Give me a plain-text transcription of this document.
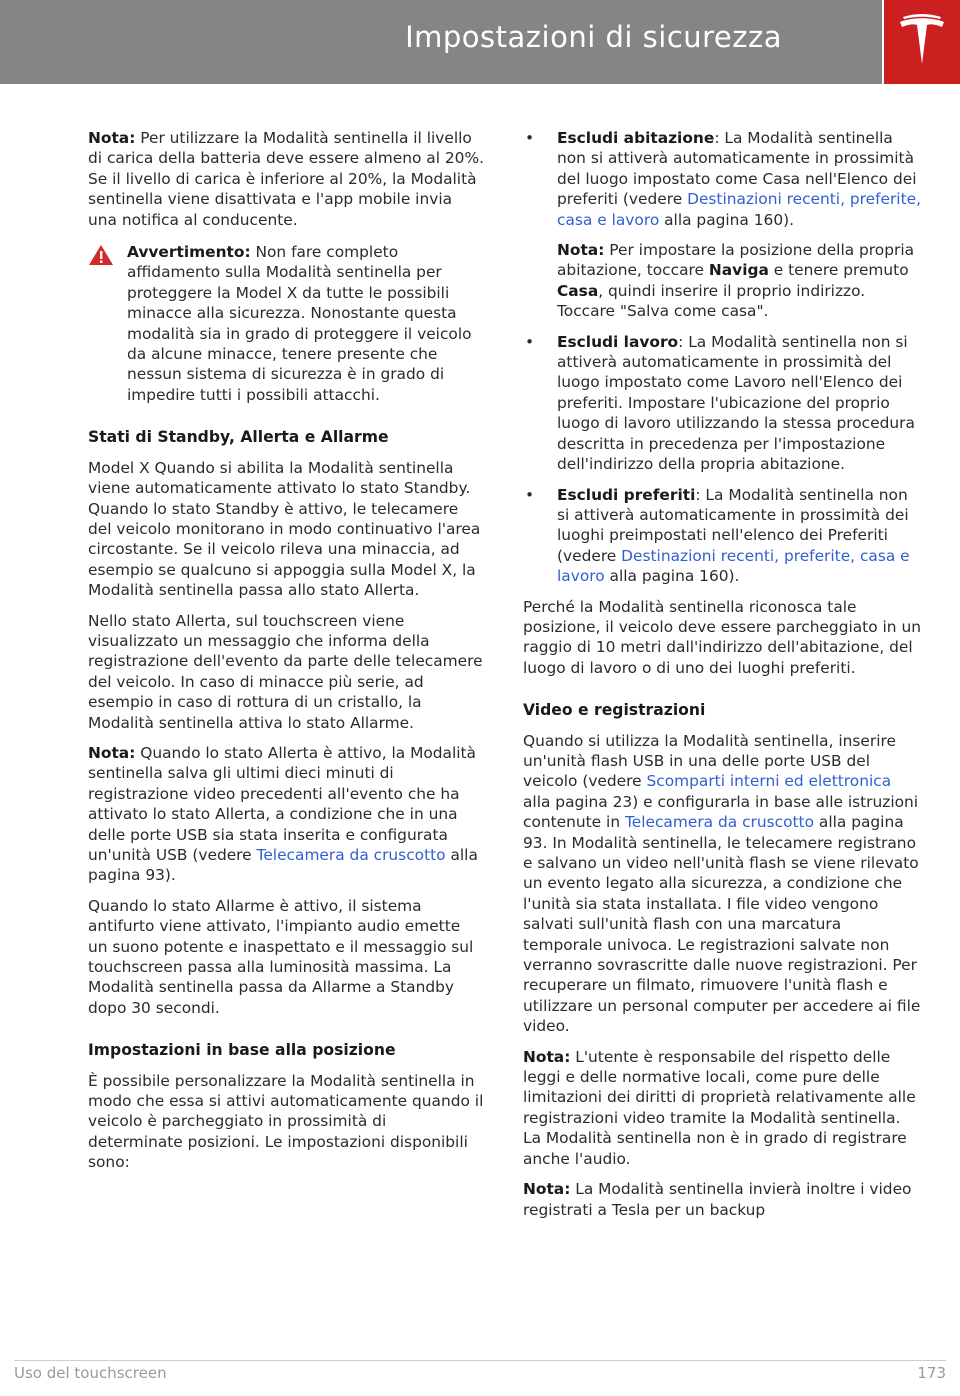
Impostazioni di sicurezza

Nota: Per utilizzare la Modalità sentinella il livello di carica della batteria deve essere almeno al 20%. Se il livello di carica è inferiore al 20%, la Modalità sentinella viene disattivata e l'app mobile invia una notifica al conducente.

Avvertimento: Non fare completo affidamento sulla Modalità sentinella per proteggere la Model X da tutte le possibili minacce alla sicurezza. Nonostante questa modalità sia in grado di proteggere il veicolo da alcune minacce, tenere presente che nessun sistema di sicurezza è in grado di impedire tutti i possibili attacchi.
Stati di Standby, Allerta e Allarme

Model X Quando si abilita la Modalità sentinella viene automaticamente attivato lo stato Standby. Quando lo stato Standby è attivo, le telecamere del veicolo monitorano in modo continuativo l'area circostante. Se il veicolo rileva una minaccia, ad esempio se qualcuno si appoggia sulla Model X, la Modalità sentinella passa allo stato Allerta.

Nello stato Allerta, sul touchscreen viene visualizzato un messaggio che informa della registrazione dell'evento da parte delle telecamere del veicolo. In caso di minacce più serie, ad esempio in caso di rottura di un cristallo, la Modalità sentinella attiva lo stato Allarme.

Nota: Quando lo stato Allerta è attivo, la Modalità sentinella salva gli ultimi dieci minuti di registrazione video precedenti all'evento che ha attivato lo stato Allerta, a condizione che in una delle porte USB sia stata inserita e configurata un'unità USB (vedere Telecamera da cruscotto alla pagina 93).

Quando lo stato Allarme è attivo, il sistema antifurto viene attivato, l'impianto audio emette un suono potente e inaspettato e il messaggio sul touchscreen passa alla luminosità massima. La Modalità sentinella passa da Allarme a Standby dopo 30 secondi.

Impostazioni in base alla posizione

È possibile personalizzare la Modalità sentinella in modo che essa si attivi automaticamente quando il veicolo è parcheggiato in prossimità di determinate posizioni. Le impostazioni disponibili sono:

• Escludi abitazione: La Modalità sentinella non si attiverà automaticamente in prossimità del luogo impostato come Casa nell'Elenco dei preferiti (vedere Destinazioni recenti, preferite, casa e lavoro alla pagina 160).

Nota: Per impostare la posizione della propria abitazione, toccare Naviga e tenere premuto Casa, quindi inserire il proprio indirizzo. Toccare "Salva come casa".

• Escludi lavoro: La Modalità sentinella non si attiverà automaticamente in prossimità del luogo impostato come Lavoro nell'Elenco dei preferiti. Impostare l'ubicazione del proprio luogo di lavoro utilizzando la stessa procedura descritta in precedenza per l'impostazione dell'indirizzo della propria abitazione.
• Escludi preferiti: La Modalità sentinella non si attiverà automaticamente in prossimità dei luoghi preimpostati nell'elenco dei Preferiti (vedere Destinazioni recenti, preferite, casa e lavoro alla pagina 160).

Perché la Modalità sentinella riconosca tale posizione, il veicolo deve essere parcheggiato in un raggio di 10 metri dall'indirizzo dell'abitazione, del luogo di lavoro o di uno dei luoghi preferiti.

Video e registrazioni

Quando si utilizza la Modalità sentinella, inserire un'unità flash USB in una delle porte USB del veicolo (vedere Scomparti interni ed elettronica alla pagina 23) e configurarla in base alle istruzioni contenute in Telecamera da cruscotto alla pagina 93. In Modalità sentinella, le telecamere registrano e salvano un video nell'unità flash se viene rilevato un evento legato alla sicurezza, a condizione che l'unità sia stata installata. I file video vengono salvati sull'unità flash con una marcatura temporale univoca. Le registrazioni salvate non verranno sovrascritte dalle nuove registrazioni. Per recuperare un filmato, rimuovere l'unità flash e utilizzare un personal computer per accedere ai file video.

Nota: L'utente è responsabile del rispetto delle leggi e delle normative locali, come pure delle limitazioni dei diritti di proprietà relativamente alle registrazioni video tramite la Modalità sentinella. La Modalità sentinella non è in grado di registrare anche l'audio.

Nota: La Modalità sentinella invierà inoltre i video registrati a Tesla per un backup

Uso del touchscreen	173
